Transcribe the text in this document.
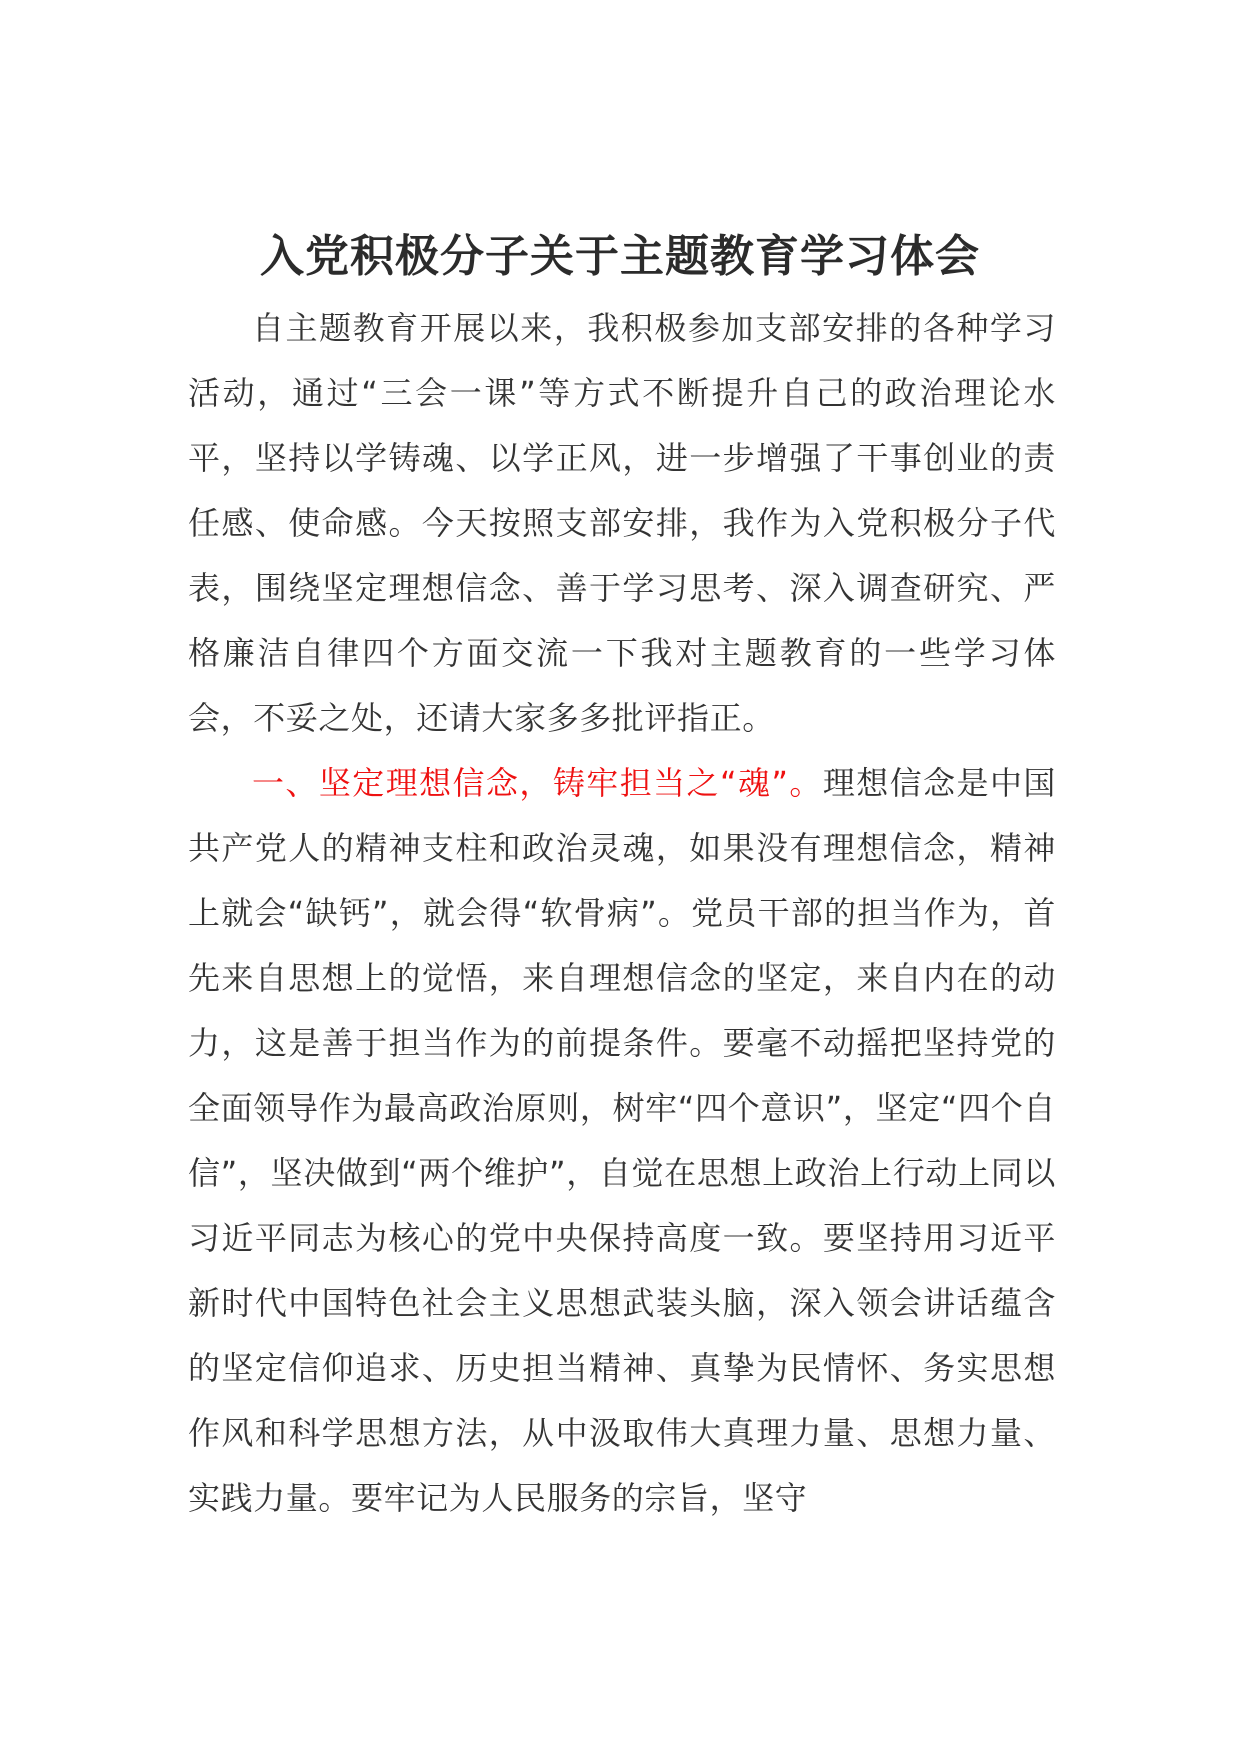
入党积极分子关于主题教育学习体会

自主题教育开展以来，我积极参加支部安排的各种学习活动，通过“三会一课”等方式不断提升自己的政治理论水平，坚持以学铸魂、以学正风，进一步增强了干事创业的责任感、使命感。今天按照支部安排，我作为入党积极分子代表，围绕坚定理想信念、善于学习思考、深入调查研究、严格廉洁自律四个方面交流一下我对主题教育的一些学习体会，不妥之处，还请大家多多批评指正。

一、坚定理想信念，铸牢担当之“魂”。理想信念是中国共产党人的精神支柱和政治灵魂，如果没有理想信念，精神上就会“缺钙”，就会得“软骨病”。党员干部的担当作为，首先来自思想上的觉悟，来自理想信念的坚定，来自内在的动力，这是善于担当作为的前提条件。要毫不动摇把坚持党的全面领导作为最高政治原则，树牢“四个意识”，坚定“四个自信”，坚决做到“两个维护”，自觉在思想上政治上行动上同以习近平同志为核心的党中央保持高度一致。要坚持用习近平新时代中国特色社会主义思想武装头脑，深入领会讲话蕴含的坚定信仰追求、历史担当精神、真挚为民情怀、务实思想作风和科学思想方法，从中汲取伟大真理力量、思想力量、实践力量。要牢记为人民服务的宗旨，坚守
